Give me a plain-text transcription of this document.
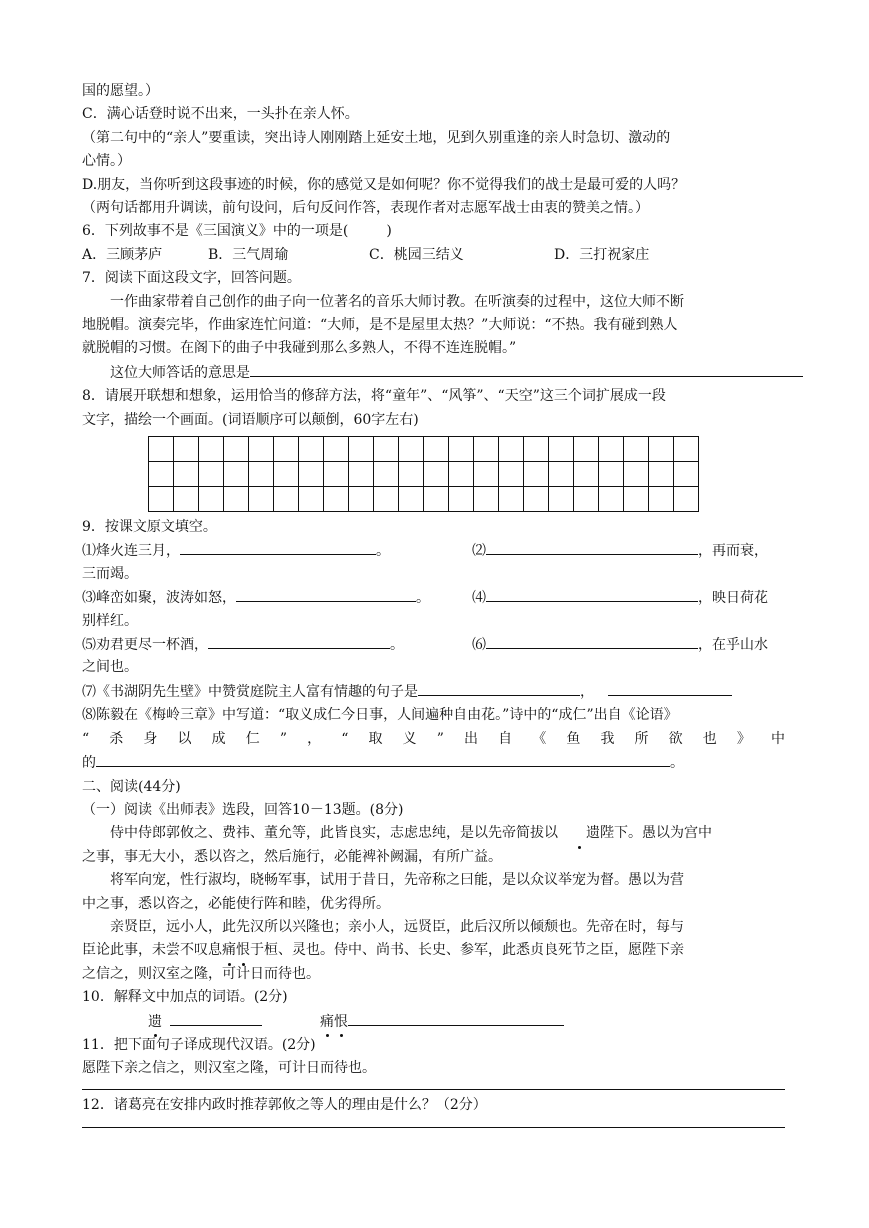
国的愿望。）
C．满心话登时说不出来，一头扑在亲人怀。
（第二句中的“亲人”要重读，突出诗人刚刚踏上延安土地，见到久别重逢的亲人时急切、激动的
心情。）
D.朋友，当你听到这段事迹的时候，你的感觉又是如何呢？你不觉得我们的战士是最可爱的人吗？
（两句话都用升调读，前句设问，后句反问作答，表现作者对志愿军战士由衷的赞美之情。）
6．下列故事不是《三国演义》中的一项是(	)
A．三顾茅庐	B．三气周瑜	C．桃园三结义	D．三打祝家庄
7．阅读下面这段文字，回答问题。
一作曲家带着自己创作的曲子向一位著名的音乐大师讨教。在听演奏的过程中，这位大师不断
地脱帽。演奏完毕，作曲家连忙问道：“大师，是不是屋里太热？”大师说：“不热。我有碰到熟人
就脱帽的习惯。在阁下的曲子中我碰到那么多熟人，不得不连连脱帽。”
这位大师答话的意思是
8．请展开联想和想象，运用恰当的修辞方法，将“童年”、“风筝”、“天空”这三个词扩展成一段
文字，描绘一个画面。(词语顺序可以颠倒，60字左右)

9．按课文原文填空。
⑴烽火连三月，	。	⑵	，再而衰，
三而竭。
⑶峰峦如聚，波涛如怒，	。	⑷	，映日荷花
别样红。
⑸劝君更尽一杯酒，	。	⑹	，在乎山水
之间也。
⑺《书湖阴先生壁》中赞赏庭院主人富有情趣的句子是	，
⑻陈毅在《梅岭三章》中写道：“取义成仁今日事，人间遍种自由花。”诗中的“成仁”出自《论语》
“ 杀 身 以 成 仁 ” ， “ 取 义 ” 出 自 《 鱼 我 所 欲 也 》 中
的	。
二、阅读(44分)
（一）阅读《出师表》选段，回答10－13题。(8分)
侍中侍郎郭攸之、费祎、董允等，此皆良实，志虑忠纯，是以先帝简拔以 遗陛下。愚以为宫中
之事，事无大小，悉以咨之，然后施行，必能裨补阙漏，有所广益。
将军向宠，性行淑均，晓畅军事，试用于昔日，先帝称之曰能，是以众议举宠为督。愚以为营
中之事，悉以咨之，必能使行阵和睦，优劣得所。
亲贤臣，远小人，此先汉所以兴隆也；亲小人，远贤臣，此后汉所以倾颓也。先帝在时，每与
臣论此事，未尝不叹息痛恨于桓、灵也。侍中、尚书、长史、参军，此悉贞良死节之臣，愿陛下亲
之信之，则汉室之隆，可计日而待也。
10．解释文中加点的词语。(2分)
遗	痛恨
11．把下面句子译成现代汉语。(2分)
愿陛下亲之信之，则汉室之隆，可计日而待也。
12．诸葛亮在安排内政时推荐郭攸之等人的理由是什么？（2分）
